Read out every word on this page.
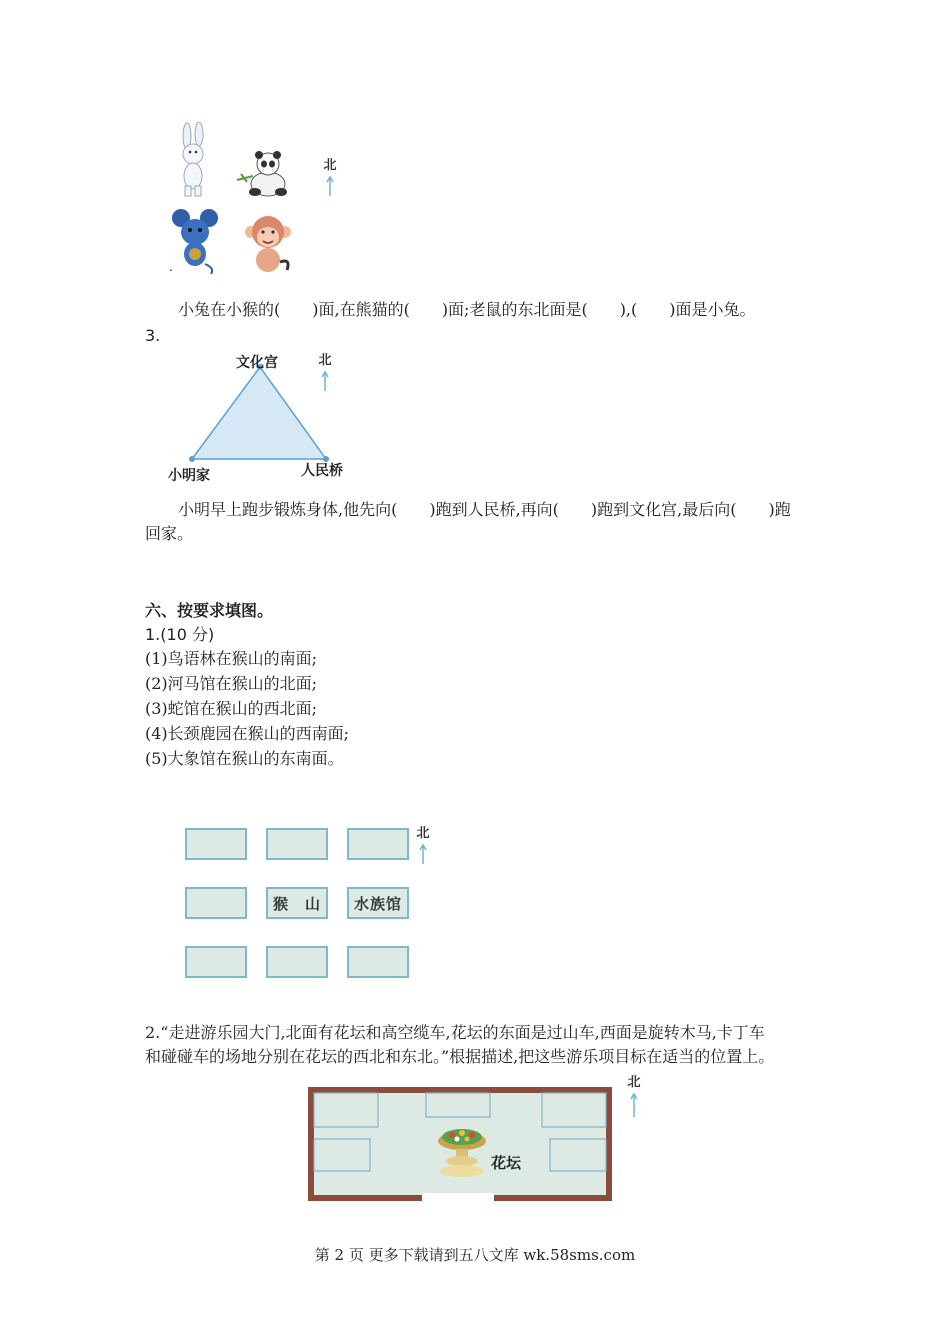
.
北
小兔在小猴的(　　)面,在熊猫的(　　)面;老鼠的东北面是(　　),(　　)面是小兔。
3.
文化宫
小明家	人民桥
北
小明早上跑步锻炼身体,他先向(　　)跑到人民桥,再向(　　)跑到文化宫,最后向(　　)跑
回家。
六、按要求填图。
1.(10 分)
(1)鸟语林在猴山的南面;
(2)河马馆在猴山的北面;
(3)蛇馆在猴山的西北面;
(4)长颈鹿园在猴山的西南面;
(5)大象馆在猴山的东南面。
猴　山	水族馆
北
2.“走进游乐园大门,北面有花坛和高空缆车,花坛的东面是过山车,西面是旋转木马,卡丁车
和碰碰车的场地分别在花坛的西北和东北。”根据描述,把这些游乐项目标在适当的位置上。
花坛
北
第 2 页 更多下载请到五八文库 wk.58sms.com
